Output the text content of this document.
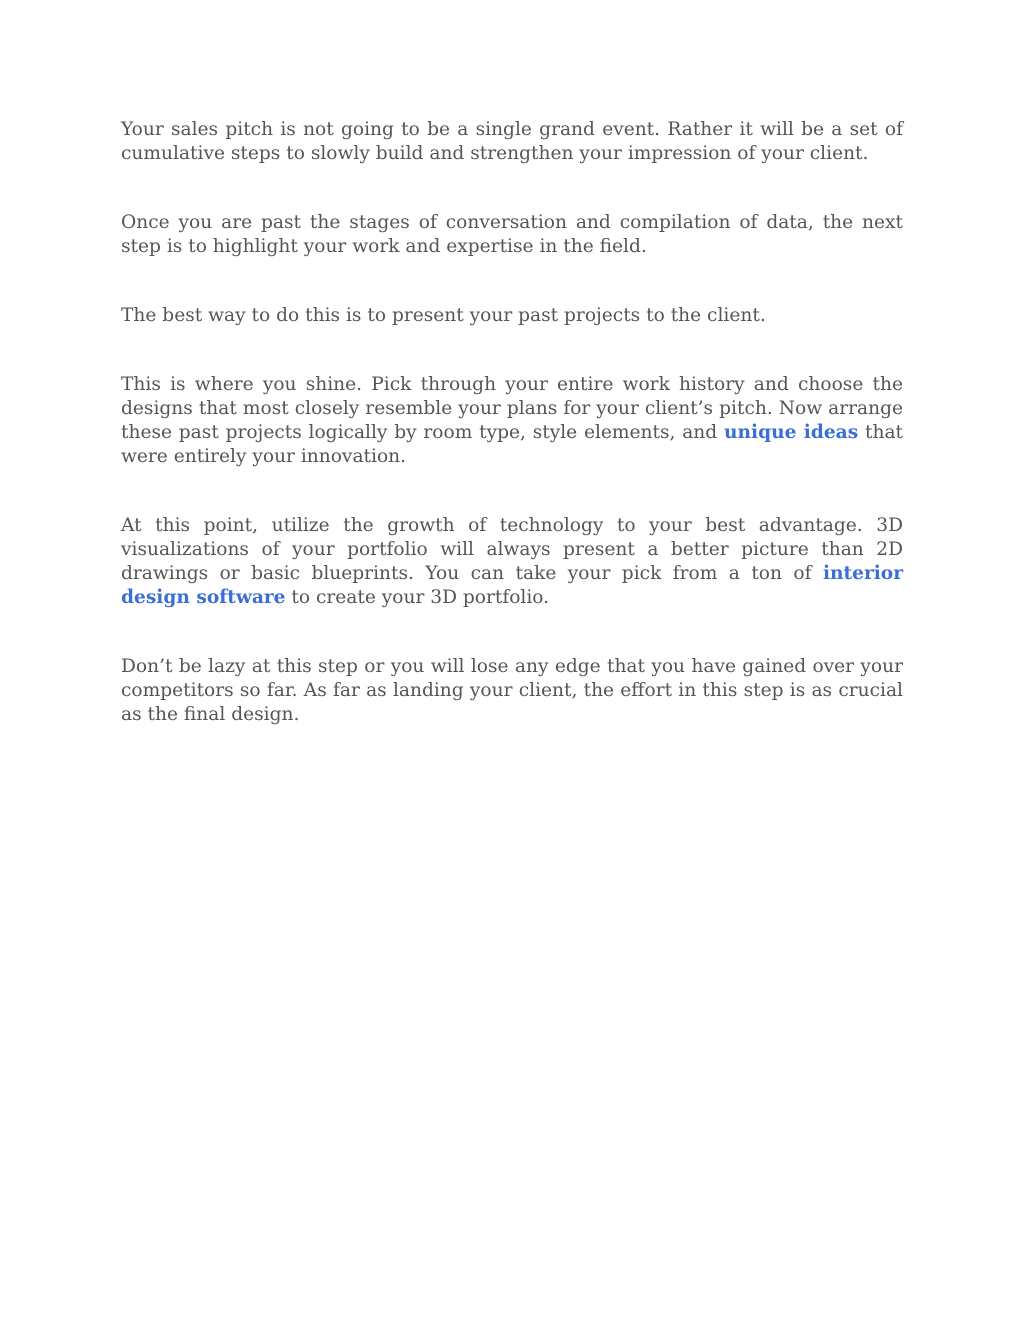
Your sales pitch is not going to be a single grand event. Rather it will be a set of cumulative steps to slowly build and strengthen your impression of your client.

Once you are past the stages of conversation and compilation of data, the next step is to highlight your work and expertise in the field.

The best way to do this is to present your past projects to the client.

This is where you shine. Pick through your entire work history and choose the designs that most closely resemble your plans for your client’s pitch. Now arrange these past projects logically by room type, style elements, and unique ideas that were entirely your innovation.

At this point, utilize the growth of technology to your best advantage. 3D visualizations of your portfolio will always present a better picture than 2D drawings or basic blueprints. You can take your pick from a ton of interior design software to create your 3D portfolio.

Don’t be lazy at this step or you will lose any edge that you have gained over your competitors so far. As far as landing your client, the effort in this step is as crucial as the final design.
